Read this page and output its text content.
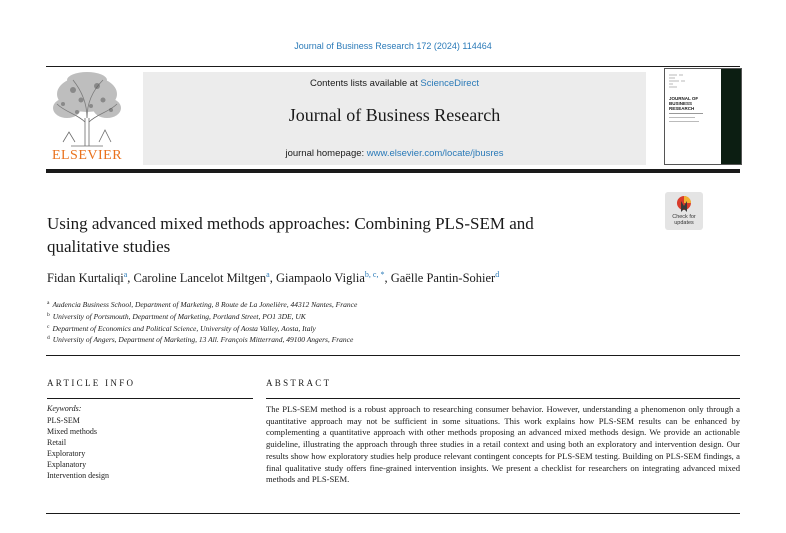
Journal of Business Research 172 (2024) 114464
ELSEVIER
Contents lists available at ScienceDirect
Journal of Business Research
journal homepage: www.elsevier.com/locate/jbusres
JOURNAL OF BUSINESS RESEARCH
Check for
updates
Using advanced mixed methods approaches: Combining PLS-SEM and
qualitative studies
Fidan Kurtaliqi$^a$, Caroline Lancelot Miltgen$^a$, Giampaolo Viglia$^{b, c, *}$, Gaëlle Pantin-Sohier$^d$
$^a$ Audencia Business School, Department of Marketing, 8 Route de La Jonelière, 44312 Nantes, France
$^b$ University of Portsmouth, Department of Marketing, Portland Street, PO1 3DE, UK
$^c$ Department of Economics and Political Science, University of Aosta Valley, Aosta, Italy
$^d$ University of Angers, Department of Marketing, 13 All. François Mitterrand, 49100 Angers, France
ARTICLE INFO	ABSTRACT
Keywords:
PLS-SEM
Mixed methods
Retail
Exploratory
Explanatory
Intervention design
The PLS-SEM method is a robust approach to researching consumer behavior. However, understanding a phenomenon only through a quantitative approach may not be sufficient in some situations. This work explains how PLS-SEM results can be enhanced by complementing a quantitative approach with other methods proposing an advanced mixed methods design. We provide an actionable guideline, illustrating the approach through three studies in a retail context and using both an exploratory and intervention design. Our results show how exploratory studies help produce relevant contingent concepts for PLS-SEM testing. Building on PLS-SEM findings, a final qualitative study offers fine-grained intervention insights. We present a checklist for researchers on integrating advanced mixed methods and PLS-SEM.
